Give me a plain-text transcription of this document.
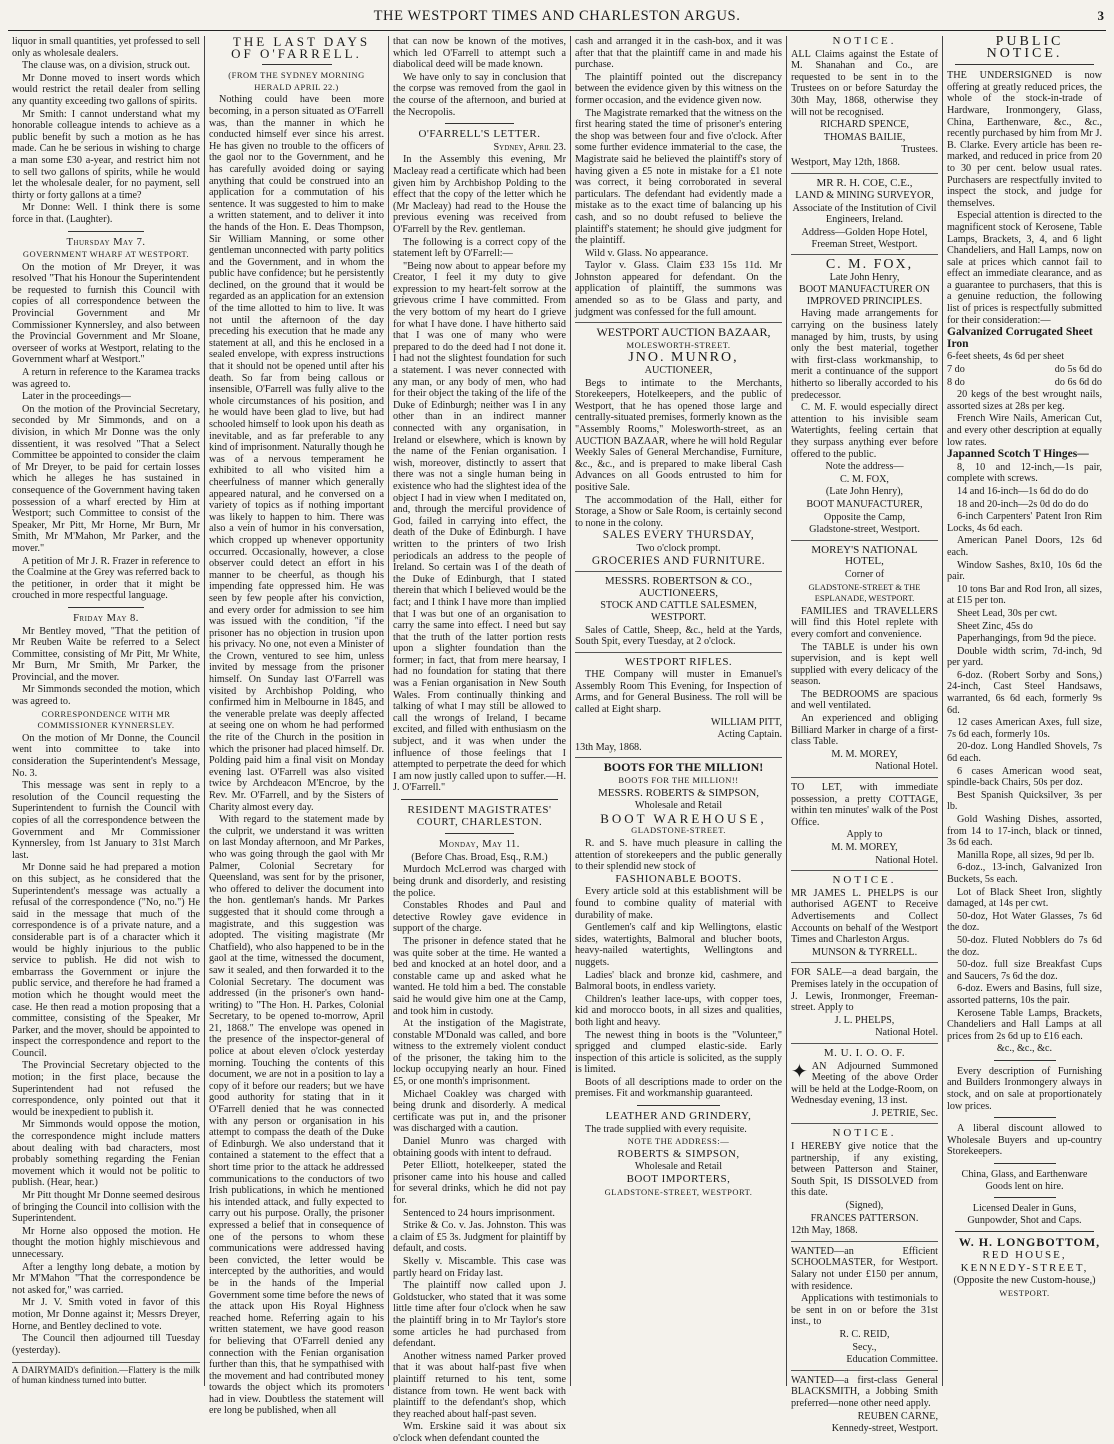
THE WESTPORT TIMES AND CHARLESTON ARGUS.	3

liquor in small quantities, yet professed to sell only as wholesale dealers.

The clause was, on a division, struck out.

Mr Donne moved to insert words which would restrict the retail dealer from selling any quantity exceeding two gallons of spirits.

Mr Smith: I cannot understand what my honorable colleague intends to achieve as a public benefit by such a motion as he has made. Can he be serious in wishing to charge a man some £30 a-year, and restrict him not to sell two gallons of spirits, while he would let the wholesale dealer, for no payment, sell thirty or forty gallons at a time?

Mr Donne: Well. I think there is some force in that. (Laughter).

Thursday May 7.

GOVERNMENT WHARF AT WESTPORT.

On the motion of Mr Dreyer, it was resolved "That his Honour the Superintendent be requested to furnish this Council with copies of all correspondence between the Provincial Government and Mr Commissioner Kynnersley, and also between the Provincial Government and Mr Sloane, overseer of works at Westport, relating to the Government wharf at Westport."

A return in reference to the Karamea tracks was agreed to.

Later in the proceedings—

On the motion of the Provincial Secretary, seconded by Mr Simmonds, and on a division, in which Mr Donne was the only dissentient, it was resolved "That a Select Committee be appointed to consider the claim of Mr Dreyer, to be paid for certain losses which he alleges he has sustained in consequence of the Government having taken possession of a wharf erected by Him at Westport; such Committee to consist of the Speaker, Mr Pitt, Mr Horne, Mr Burn, Mr Smith, Mr M'Mahon, Mr Parker, and the mover."

A petition of Mr J. R. Frazer in reference to the Coalmine at the Grey was referred back to the petitioner, in order that it might be crouched in more respectful language.

Friday May 8.

Mr Bentley moved, "That the petition of Mr Reuben Waite be referred to a Select Committee, consisting of Mr Pitt, Mr White, Mr Burn, Mr Smith, Mr Parker, the Provincial, and the mover.

Mr Simmonds seconded the motion, which was agreed to.

CORRESPONDENCE WITH MR COMMISSIONER KYNNERSLEY.

On the motion of Mr Donne, the Council went into committee to take into consideration the Superintendent's Message, No. 3.

This message was sent in reply to a resolution of the Council requesting the Superintendent to furnish the Council with copies of all the correspondence between the Government and Mr Commissioner Kynnersley, from 1st January to 31st March last.

Mr Donne said he had prepared a motion on this subject, as he considered that the Superintendent's message was actually a refusal of the correspondence ("No, no.") He said in the message that much of the correspondence is of a private nature, and a considerable part is of a character which it would be highly injurious to the public service to publish. He did not wish to embarrass the Government or injure the public service, and therefore he had framed a motion which he thought would meet the case. He then read a motion proposing that a committee, consisting of the Speaker, Mr Parker, and the mover, should be appointed to inspect the correspondence and report to the Council.

The Provincial Secretary objected to the motion; in the first place, because the Superintendent had not refused the correspondence, only pointed out that it would be inexpedient to publish it.

Mr Simmonds would oppose the motion, the correspondence might include matters about dealing with bad characters, most probably something regarding the Fenian movement which it would not be politic to publish. (Hear, hear.)

Mr Pitt thought Mr Donne seemed desirous of bringing the Council into collision with the Superintendent.

Mr Horne also opposed the motion. He thought the motion highly mischievous and unnecessary.

After a lengthy long debate, a motion by Mr M'Mahon "That the correspondence be not asked for," was carried.

Mr J. V. Smith voted in favor of this motion, Mr Donne against it; Messrs Dreyer, Horne, and Bentley declined to vote.

The Council then adjourned till Tuesday (yesterday).

A DAIRYMAID's definition.—Flattery is the milk of human kindness turned into butter.

THE LAST DAYS OF O'FARRELL.

(FROM THE SYDNEY MORNING HERALD APRIL 22.)

Nothing could have been more becoming, in a person situated as O'Farrell was, than the manner in which he conducted himself ever since his arrest. He has given no trouble to the officers of the gaol nor to the Government, and he has carefully avoided doing or saying anything that could be construed into an application for a commutation of his sentence. It was suggested to him to make a written statement, and to deliver it into the hands of the Hon. E. Deas Thompson, Sir William Manning, or some other gentleman unconnected with party politics and the Government, and in whom the public have confidence; but he persistently declined, on the ground that it would be regarded as an application for an extension of the time allotted to him to live. It was not until the afternoon of the day preceding his execution that he made any statement at all, and this he enclosed in a sealed envelope, with express instructions that it should not be opened until after his death. So far from being callous or insensible, O'Farrell was fully alive to the whole circumstances of his position, and he would have been glad to live, but had schooled himself to look upon his death as inevitable, and as far preferable to any kind of imprisonment. Naturally though he was of a nervous temperament he exhibited to all who visited him a cheerfulness of manner which generally appeared natural, and he conversed on a variety of topics as if nothing important was likely to happen to him. There was also a vein of humor in his conversation, which cropped up whenever opportunity occurred. Occasionally, however, a close observer could detect an effort in his manner to be cheerful, as though his impending fate oppressed him. He was seen by few people after his conviction, and every order for admission to see him was issued with the condition, "if the prisoner has no objection in trusion upon his privacy. No one, not even a Minister of the Crown, ventured to see him, unless invited by message from the prisoner himself. On Sunday last O'Farrell was visited by Archbishop Polding, who confirmed him in Melbourne in 1845, and the venerable prelate was deeply affected at seeing one on whom he had performed the rite of the Church in the position in which the prisoner had placed himself. Dr. Polding paid him a final visit on Monday evening last. O'Farrell was also visited twice by Archdeacon M'Encroe, by the Rev. Mr. O'Farrell, and by the Sisters of Charity almost every day.

With regard to the statement made by the culprit, we understand it was written on last Monday afternoon, and Mr Parkes, who was going through the gaol with Mr Palmer, Colonial Secretary for Queensland, was sent for by the prisoner, who offered to deliver the document into the hon. gentleman's hands. Mr Parkes suggested that it should come through a magistrate, and this suggestion was adopted. The visiting magistrate (Mr Chatfield), who also happened to be in the gaol at the time, witnessed the document, saw it sealed, and then forwarded it to the Colonial Secretary. The document was addressed (in the prisoner's own hand-writing) to "The Hon. H. Parkes, Colonial Secretary, to be opened to-morrow, April 21, 1868." The envelope was opened in the presence of the inspector-general of police at about eleven o'clock yesterday morning. Touching the contents of this document, we are not in a position to lay a copy of it before our readers; but we have good authority for stating that in it O'Farrell denied that he was connected with any person or organisation in his attempt to compass the death of the Duke of Edinburgh. We also understand that it contained a statement to the effect that a short time prior to the attack he addressed communications to the conductors of two Irish publications, in which he mentioned his intended attack, and fully expected to carry out his purpose. Orally, the prisoner expressed a belief that in consequence of one of the persons to whom these communications were addressed having been convicted, the letter would be intercepted by the authorities, and would be in the hands of the Imperial Government some time before the news of the attack upon His Royal Highness reached home. Referring again to his written statement, we have good reason for believing that O'Farrell denied any connection with the Fenian organisation further than this, that he sympathised with the movement and had contributed money towards the object which its promoters had in view. Doubtless the statement will ere long be published, when all

that can now be known of the motives, which led O'Farrell to attempt such a diabolical deed will be made known.

We have only to say in conclusion that the corpse was removed from the gaol in the course of the afternoon, and buried at the Necropolis.

O'FARRELL'S LETTER.

Sydney, April 23.

In the Assembly this evening, Mr Macleay read a certificate which had been given him by Archbishop Polding to the effect that the copy of the letter which he (Mr Macleay) had read to the House the previous evening was received from O'Farrell by the Rev. gentleman.

The following is a correct copy of the statement left by O'Farrell:—

"Being now about to appear before my Creator, I feel it my duty to give expression to my heart-felt sorrow at the grievous crime I have committed. From the very bottom of my heart do I grieve for what I have done. I have hitherto said that I was one of many who were prepared to do the deed had I not done it. I had not the slightest foundation for such a statement. I was never connected with any man, or any body of men, who had for their object the taking of the life of the Duke of Edinburgh; neither was I in any other than in an indirect manner connected with any organisation, in Ireland or elsewhere, which is known by the name of the Fenian organisation. I wish, moreover, distinctly to assert that there was not a single human being in existence who had the slightest idea of the object I had in view when I meditated on, and, through the merciful providence of God, failed in carrying into effect, the death of the Duke of Edinburgh. I have written to the printers of two Irish periodicals an address to the people of Ireland. So certain was I of the death of the Duke of Edinburgh, that I stated therein that which I believed would be the fact; and I think I have more than implied that I was but one of an organisation to carry the same into effect. I need but say that the truth of the latter portion rests upon a slighter foundation than the former; in fact, that from mere hearsay, I had no foundation for stating that there was a Fenian organisation in New South Wales. From continually thinking and talking of what I may still be allowed to call the wrongs of Ireland, I became excited, and filled with enthusiasm on the subject, and it was when under the influence of those feelings that I attempted to perpetrate the deed for which I am now justly called upon to suffer.—H. J. O'Farrell."

RESIDENT MAGISTRATES' COURT, CHARLESTON.

Monday, May 11.

(Before Chas. Broad, Esq., R.M.)

Murdoch McLerrod was charged with being drunk and disorderly, and resisting the police.

Constables Rhodes and Paul and detective Rowley gave evidence in support of the charge.

The prisoner in defence stated that he was quite sober at the time. He wanted a bed and knocked at an hotel door, and a constable came up and asked what he wanted. He told him a bed. The constable said he would give him one at the Camp, and took him in custody.

At the instigation of the Magistrate, constable M'Donald was called, and bore witness to the extremely violent conduct of the prisoner, the taking him to the lockup occupying nearly an hour. Fined £5, or one month's imprisonment.

Michael Coakley was charged with being drunk and disorderly. A medical certificate was put in, and the prisoner was discharged with a caution.

Daniel Munro was charged with obtaining goods with intent to defraud.

Peter Elliott, hotelkeeper, stated the prisoner came into his house and called for several drinks, which he did not pay for.

Sentenced to 24 hours imprisonment.

Strike & Co. v. Jas. Johnston. This was a claim of £5 3s. Judgment for plaintiff by default, and costs.

Skelly v. Miscamble. This case was partly heard on Friday last.

The plaintiff now called upon J. Goldstucker, who stated that it was some little time after four o'clock when he saw the plaintiff bring in to Mr Taylor's store some articles he had purchased from defendant.

Another witness named Parker proved that it was about half-past five when plaintiff returned to his tent, some distance from town. He went back with plaintiff to the defendant's shop, which they reached about half-past seven.

Wm. Erskine said it was about six o'clock when defendant counted the

cash and arranged it in the cash-box, and it was after that that the plaintiff came in and made his purchase.

The plaintiff pointed out the discrepancy between the evidence given by this witness on the former occasion, and the evidence given now.

The Magistrate remarked that the witness on the first hearing stated the time of prisoner's entering the shop was between four and five o'clock. After some further evidence immaterial to the case, the Magistrate said he believed the plaintiff's story of having given a £5 note in mistake for a £1 note was correct, it being corroborated in several particulars. The defendant had evidently made a mistake as to the exact time of balancing up his cash, and so no doubt refused to believe the plaintiff's statement; he should give judgment for the plaintiff.

Wild v. Glass. No appearance.

Taylor v. Glass. Claim £33 15s 11d. Mr Johnston appeared for defendant. On the application of plaintiff, the summons was amended so as to be Glass and party, and judgment was confessed for the full amount.

WESTPORT AUCTION BAZAAR,

MOLESWORTH-STREET.

JNO. MUNRO,

AUCTIONEER,

Begs to intimate to the Merchants, Storekeepers, Hotelkeepers, and the public of Westport, that he has opened those large and centrally-situated premises, formerly known as the "Assembly Rooms," Molesworth-street, as an AUCTION BAZAAR, where he will hold Regular Weekly Sales of General Merchandise, Furniture, &c., &c., and is prepared to make liberal Cash Advances on all Goods entrusted to him for positive Sale.

The accommodation of the Hall, either for Storage, a Show or Sale Room, is certainly second to none in the colony.

SALES EVERY THURSDAY,

Two o'clock prompt.

GROCERIES AND FURNITURE.

MESSRS. ROBERTSON & CO., AUCTIONEERS,

STOCK AND CATTLE SALESMEN, WESTPORT.

Sales of Cattle, Sheep, &c., held at the Yards, South Spit, every Tuesday, at 2 o'clock.

WESTPORT RIFLES.

THE Company will muster in Emanuel's Assembly Room This Evening, for Inspection of Arms, and for General Business. The roll will be called at Eight sharp.

WILLIAM PITT,

Acting Captain.

13th May, 1868.

BOOTS FOR THE MILLION!

BOOTS FOR THE MILLION!!

MESSRS. ROBERTS & SIMPSON,

Wholesale and Retail

BOOT WAREHOUSE,

GLADSTONE-STREET.

R. and S. have much pleasure in calling the attention of storekeepers and the public generally to their splendid new stock of

FASHIONABLE BOOTS.

Every article sold at this establishment will be found to combine quality of material with durability of make.

Gentlemen's calf and kip Wellingtons, elastic sides, watertights, Balmoral and blucher boots, heavy-nailed watertights, Wellingtons and nuggets.

Ladies' black and bronze kid, cashmere, and Balmoral boots, in endless variety.

Children's leather lace-ups, with copper toes, kid and morocco boots, in all sizes and qualities, both light and heavy.

The newest thing in boots is the "Volunteer," sprigged and clumped elastic-side. Early inspection of this article is solicited, as the supply is limited.

Boots of all descriptions made to order on the premises. Fit and workmanship guaranteed.

LEATHER AND GRINDERY,

The trade supplied with every requisite.

NOTE THE ADDRESS:—

ROBERTS & SIMPSON,

Wholesale and Retail

BOOT IMPORTERS,

GLADSTONE-STREET, WESTPORT.

NOTICE.

ALL Claims against the Estate of M. Shanahan and Co., are requested to be sent in to the Trustees on or before Saturday the 30th May, 1868, otherwise they will not be recognised.

RICHARD SPENCE,

THOMAS BAILIE,

Trustees.

Westport, May 12th, 1868.

MR R. H. COE, C.E.,

LAND & MINING SURVEYOR,

Associate of the Institution of Civil Engineers, Ireland.

Address—Golden Hope Hotel, Freeman Street, Westport.

C. M. FOX,

Late John Henry,

BOOT MANUFACTURER ON IMPROVED PRINCIPLES.

Having made arrangements for carrying on the business lately managed by him, trusts, by using only the best material, together with first-class workmanship, to merit a continuance of the support hitherto so liberally accorded to his predecessor.

C. M. F. would especially direct attention to his invisible seam Watertights, feeling certain that they surpass anything ever before offered to the public.

Note the address—

C. M. FOX,

(Late John Henry),

BOOT MANUFACTURER,

Opposite the Camp,

Gladstone-street, Westport.

MOREY'S NATIONAL HOTEL,

Corner of

GLADSTONE-STREET & THE ESPLANADE, WESTPORT.

FAMILIES and TRAVELLERS will find this Hotel replete with every comfort and convenience.

The TABLE is under his own supervision, and is kept well supplied with every delicacy of the season.

The BEDROOMS are spacious and well ventilated.

An experienced and obliging Billiard Marker in charge of a first-class Table.

M. M. MOREY,

National Hotel.

TO LET, with immediate possession, a pretty COTTAGE, within ten minutes' walk of the Post Office.

Apply to

M. M. MOREY,

National Hotel.

NOTICE.

MR JAMES L. PHELPS is our authorised AGENT to Receive Advertisements and Collect Accounts on behalf of the Westport Times and Charleston Argus.

MUNSON & TYRRELL.

FOR SALE—a dead bargain, the Premises lately in the occupation of J. Lewis, Ironmonger, Freeman-street. Apply to

J. L. PHELPS,

National Hotel.

M. U. I. O. O. F.

✦ AN Adjourned Summoned Meeting of the above Order will be held at the Lodge-Room, on Wednesday evening, 13 inst.

J. PETRIE, Sec.

NOTICE.

I HEREBY give notice that the partnership, if any existing, between Patterson and Stainer, South Spit, IS DISSOLVED from this date.

(Signed),

FRANCES PATTERSON.

12th May, 1868.

WANTED—an Efficient SCHOOLMASTER, for Westport. Salary not under £150 per annum, with residence.

Applications with testimonials to be sent in on or before the 31st inst., to

R. C. REID,

Secy.,

Education Committee.

WANTED—a first-class General BLACKSMITH, a Jobbing Smith preferred—none other need apply.

REUBEN CARNE,

Kennedy-street, Westport.

PUBLIC NOTICE.

THE UNDERSIGNED is now offering at greatly reduced prices, the whole of the stock-in-trade of Hardware, Ironmongery, Glass, China, Earthenware, &c., &c., recently purchased by him from Mr J. B. Clarke. Every article has been re-marked, and reduced in price from 20 to 30 per cent. below usual rates. Purchasers are respectfully invited to inspect the stock, and judge for themselves.

Especial attention is directed to the magnificent stock of Kerosene, Table Lamps, Brackets, 3, 4, and 6 light Chandeliers, and Hall Lamps, now on sale at prices which cannot fail to effect an immediate clearance, and as a guarantee to purchasers, that this is a genuine reduction, the following list of prices is respectfully submitted for their consideration:—

Galvanized Corrugated Sheet Iron

6-feet sheets, 4s 6d per sheet

7 do	do 5s 6d do

8 do	do 6s 6d do

20 kegs of the best wrought nails, assorted sizes at 28s per keg.

French Wire Nails, American Cut, and every other description at equally low rates.

Japanned Scotch T Hinges—

8, 10 and 12-inch,—1s pair, complete with screws.

14 and 16-inch—1s 6d do do do

18 and 20-inch—2s 0d do do do

6-inch Carpenters' Patent Iron Rim Locks, 4s 6d each.

American Panel Doors, 12s 6d each.

Window Sashes, 8x10, 10s 6d the pair.

10 tons Bar and Rod Iron, all sizes, at £15 per ton.

Sheet Lead, 30s per cwt.

Sheet Zinc, 45s do

Paperhangings, from 9d the piece.

Double width scrim, 7d-inch, 9d per yard.

6-doz. (Robert Sorby and Sons,) 24-inch, Cast Steel Handsaws, warranted, 6s 6d each, formerly 9s 6d.

12 cases American Axes, full size, 7s 6d each, formerly 10s.

20-doz. Long Handled Shovels, 7s 6d each.

6 cases American wood seat, spindle-back Chairs, 50s per doz.

Best Spanish Quicksilver, 3s per lb.

Gold Washing Dishes, assorted, from 14 to 17-inch, black or tinned, 3s 6d each.

Manilla Rope, all sizes, 9d per lb.

6-doz., 13-inch, Galvanized Iron Buckets, 5s each.

Lot of Black Sheet Iron, slightly damaged, at 14s per cwt.

50-doz, Hot Water Glasses, 7s 6d the doz.

50-doz. Fluted Nobblers do 7s 6d the doz.

50-doz. full size Breakfast Cups and Saucers, 7s 6d the doz.

6-doz. Ewers and Basins, full size, assorted patterns, 10s the pair.

Kerosene Table Lamps, Brackets, Chandeliers and Hall Lamps at all prices from 2s 6d up to £16 each.

&c., &c., &c.

Every description of Furnishing and Builders Ironmongery always in stock, and on sale at proportionately low prices.

A liberal discount allowed to Wholesale Buyers and up-country Storekeepers.

China, Glass, and Earthenware Goods lent on hire.

Licensed Dealer in Guns, Gunpowder, Shot and Caps.

W. H. LONGBOTTOM,

RED HOUSE,

KENNEDY-STREET,

(Opposite the new Custom-house,)

WESTPORT.
